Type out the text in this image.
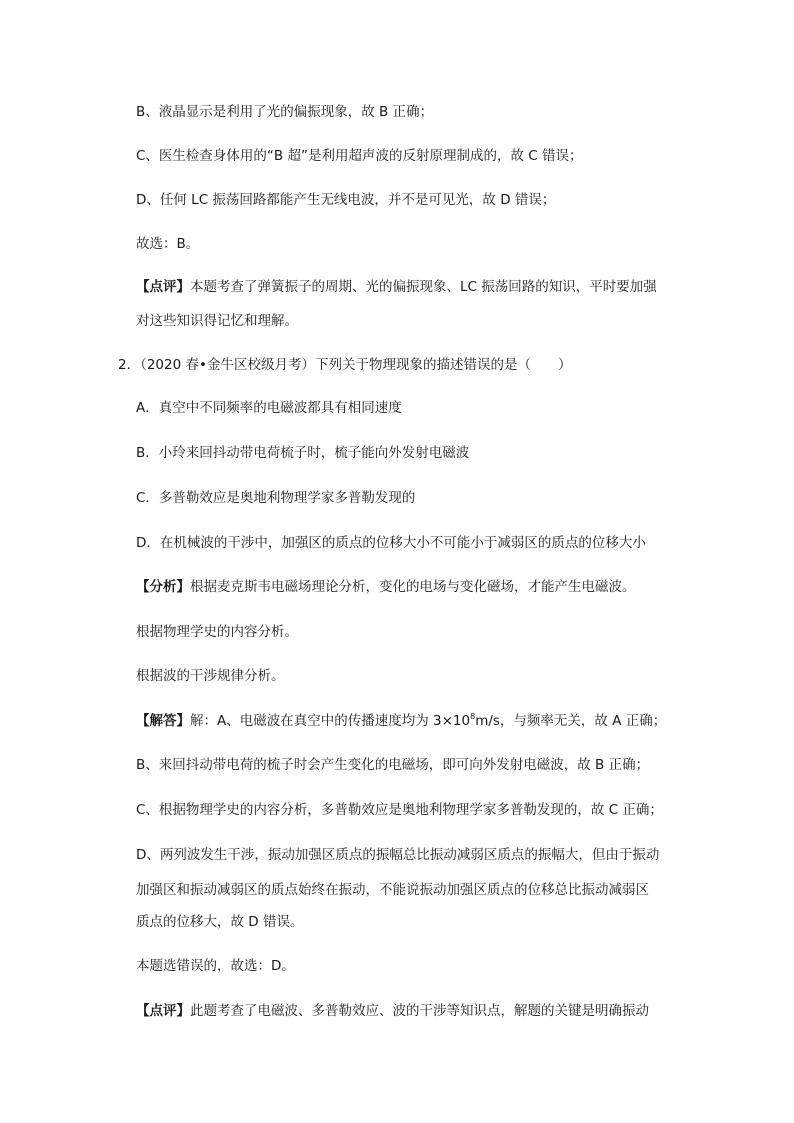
B、液晶显示是利用了光的偏振现象，故 B 正确；
C、医生检查身体用的“B 超”是利用超声波的反射原理制成的，故 C 错误；
D、任何 LC 振荡回路都能产生无线电波，并不是可见光，故 D 错误；
故选：B。
【点评】本题考查了弹簧振子的周期、光的偏振现象、LC 振荡回路的知识，平时要加强
对这些知识得记忆和理解。
2．（2020 春•金牛区校级月考）下列关于物理现象的描述错误的是（　　）
A．真空中不同频率的电磁波都具有相同速度
B．小玲来回抖动带电荷梳子时，梳子能向外发射电磁波
C．多普勒效应是奥地利物理学家多普勒发现的
D．在机械波的干涉中，加强区的质点的位移大小不可能小于减弱区的质点的位移大小
【分析】根据麦克斯韦电磁场理论分析，变化的电场与变化磁场，才能产生电磁波。
根据物理学史的内容分析。
根据波的干涉规律分析。
【解答】解：A、电磁波在真空中的传播速度均为 $3\times 10^8m/s$，与频率无关，故 A 正确；
B、来回抖动带电荷的梳子时会产生变化的电磁场，即可向外发射电磁波，故 B 正确；
C、根据物理学史的内容分析，多普勒效应是奥地利物理学家多普勒发现的，故 C 正确；
D、两列波发生干涉，振动加强区质点的振幅总比振动减弱区质点的振幅大，但由于振动
加强区和振动减弱区的质点始终在振动，不能说振动加强区质点的位移总比振动减弱区
质点的位移大，故 D 错误。
本题选错误的，故选：D。
【点评】此题考查了电磁波、多普勒效应、波的干涉等知识点，解题的关键是明确振动
